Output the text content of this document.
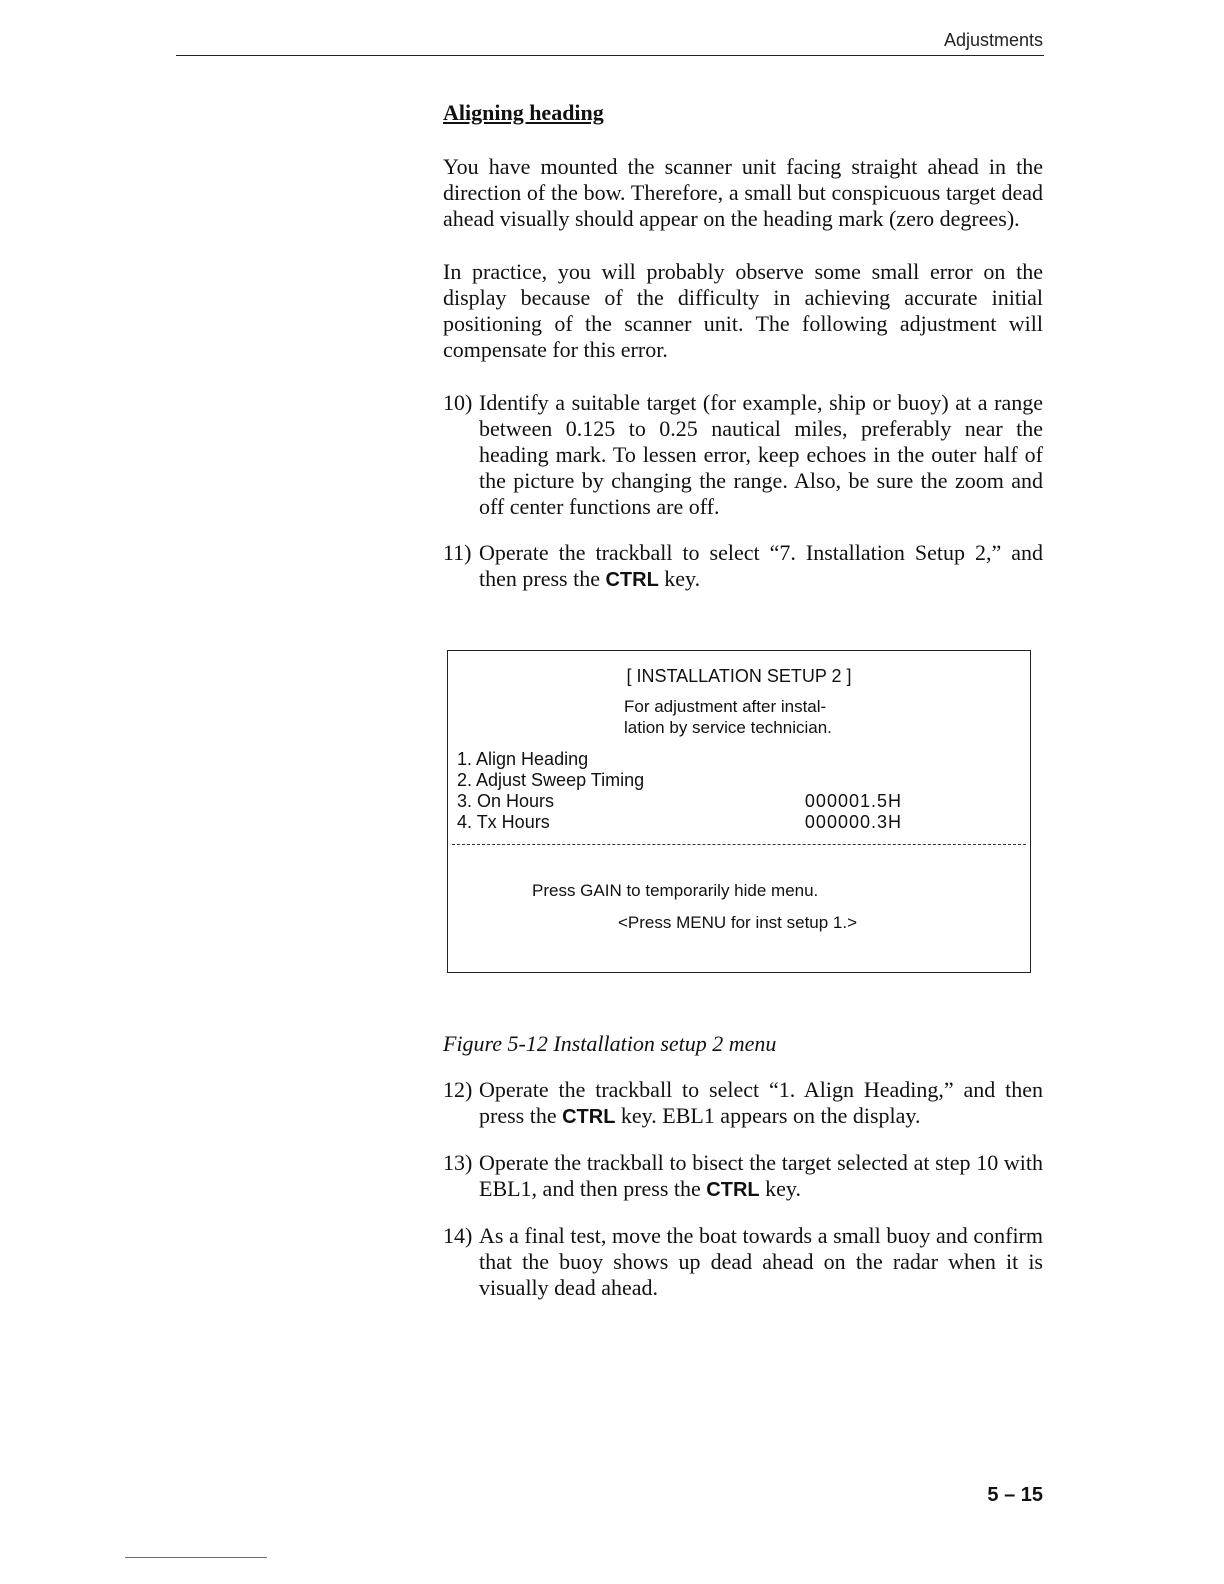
Adjustments
Aligning heading

You have mounted the scanner unit facing straight ahead in the direction of the bow. Therefore, a small but conspicuous target dead ahead visually should appear on the heading mark (zero degrees).

In practice, you will probably observe some small error on the display because of the difficulty in achieving accurate initial positioning of the scanner unit. The following adjustment will compensate for this error.

10) Identify a suitable target (for example, ship or buoy) at a range between 0.125 to 0.25 nautical miles, preferably near the heading mark. To lessen error, keep echoes in the outer half of the picture by changing the range. Also, be sure the zoom and off center functions are off.
11) Operate the trackball to select “7. Installation Setup 2,” and then press the CTRL key.
[ INSTALLATION SETUP 2 ]
For adjustment after instal-
lation by service technician.
1. Align Heading
2. Adjust Sweep Timing
3. On Hours	000001.5H
4. Tx Hours	000000.3H
Press GAIN to temporarily hide menu.
<Press MENU for inst setup 1.>
Figure 5-12 Installation setup 2 menu
12) Operate the trackball to select “1. Align Heading,” and then press the CTRL key. EBL1 appears on the display.
13) Operate the trackball to bisect the target selected at step 10 with EBL1, and then press the CTRL key.
14) As a final test, move the boat towards a small buoy and confirm that the buoy shows up dead ahead on the radar when it is visually dead ahead.
5 – 15
